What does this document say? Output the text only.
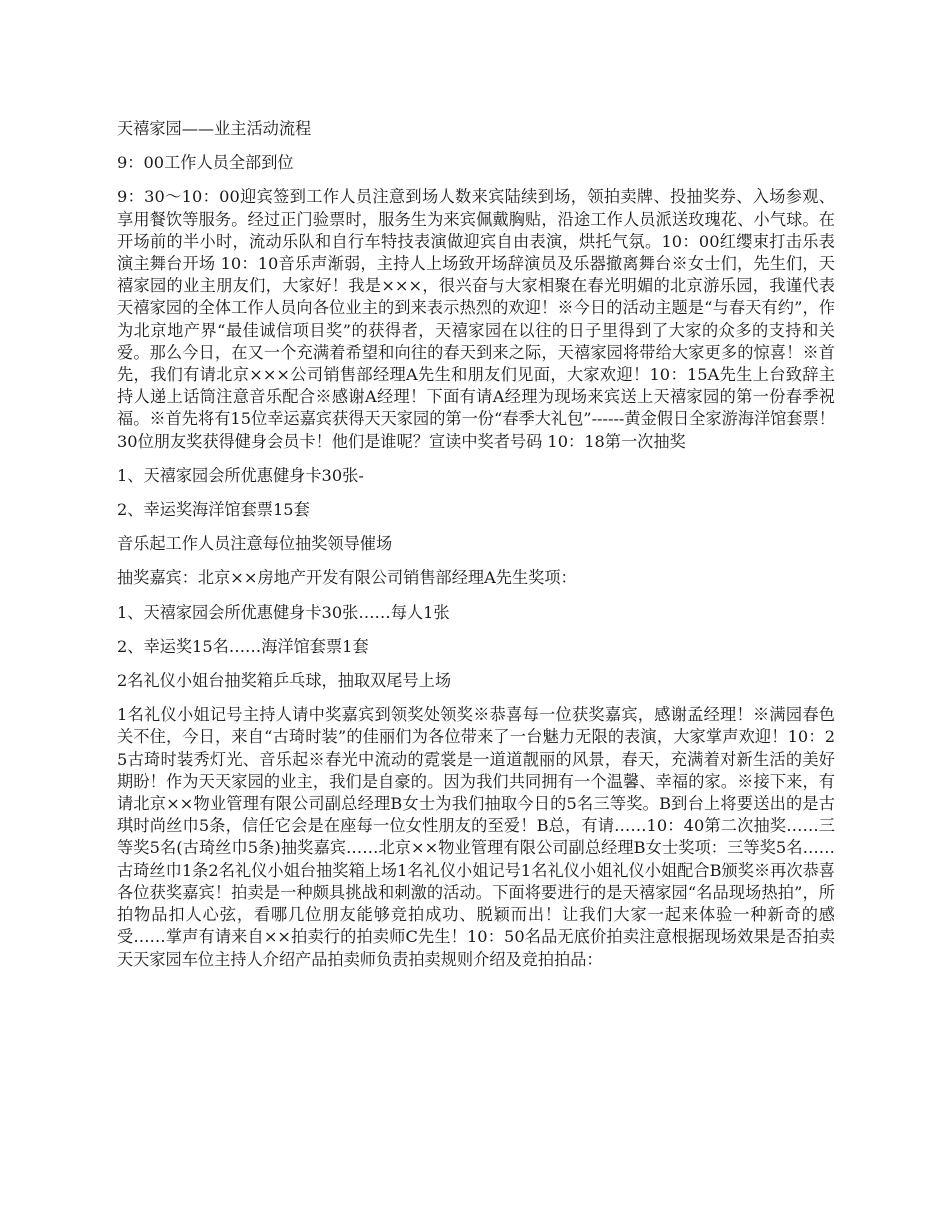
天禧家园——业主活动流程

9：00工作人员全部到位

9：30～10：00迎宾签到工作人员注意到场人数来宾陆续到场，领拍卖牌、投抽奖券、入场参观、享用餐饮等服务。经过正门验票时，服务生为来宾佩戴胸贴，沿途工作人员派送玫瑰花、小气球。在开场前的半小时，流动乐队和自行车特技表演做迎宾自由表演，烘托气氛。10：00红缨束打击乐表演主舞台开场 10：10音乐声渐弱，主持人上场致开场辞演员及乐器撤离舞台※女士们，先生们，天禧家园的业主朋友们，大家好！我是×××，很兴奋与大家相聚在春光明媚的北京游乐园，我谨代表天禧家园的全体工作人员向各位业主的到来表示热烈的欢迎！※今日的活动主题是“与春天有约”，作为北京地产界“最佳诚信项目奖”的获得者，天禧家园在以往的日子里得到了大家的众多的支持和关爱。那么今日，在又一个充满着希望和向往的春天到来之际，天禧家园将带给大家更多的惊喜！※首先，我们有请北京×××公司销售部经理A先生和朋友们见面，大家欢迎！10：15A先生上台致辞主持人递上话筒注意音乐配合※感谢A经理！下面有请A经理为现场来宾送上天禧家园的第一份春季祝福。※首先将有15位幸运嘉宾获得天天家园的第一份“春季大礼包”------黄金假日全家游海洋馆套票！30位朋友奖获得健身会员卡！他们是谁呢？宣读中奖者号码 10：18第一次抽奖

1、天禧家园会所优惠健身卡30张-

2、幸运奖海洋馆套票15套

音乐起工作人员注意每位抽奖领导催场

抽奖嘉宾：北京××房地产开发有限公司销售部经理A先生奖项：

1、天禧家园会所优惠健身卡30张……每人1张

2、幸运奖15名……海洋馆套票1套

2名礼仪小姐台抽奖箱乒乓球，抽取双尾号上场

1名礼仪小姐记号主持人请中奖嘉宾到领奖处领奖※恭喜每一位获奖嘉宾，感谢孟经理！※满园春色关不住，今日，来自“古琦时装”的佳丽们为各位带来了一台魅力无限的表演，大家掌声欢迎！10：25古琦时装秀灯光、音乐起※春光中流动的霓裳是一道道靓丽的风景，春天，充满着对新生活的美好期盼！作为天天家园的业主，我们是自豪的。因为我们共同拥有一个温馨、幸福的家。※接下来，有请北京××物业管理有限公司副总经理B女士为我们抽取今日的5名三等奖。B到台上将要送出的是古琪时尚丝巾5条，信任它会是在座每一位女性朋友的至爱！B总，有请……10：40第二次抽奖……三等奖5名(古琦丝巾5条)抽奖嘉宾……北京××物业管理有限公司副总经理B女士奖项：三等奖5名……古琦丝巾1条2名礼仪小姐台抽奖箱上场1名礼仪小姐记号1名礼仪小姐礼仪小姐配合B颁奖※再次恭喜各位获奖嘉宾！拍卖是一种颇具挑战和刺激的活动。下面将要进行的是天禧家园“名品现场热拍”，所拍物品扣人心弦，看哪几位朋友能够竞拍成功、脱颖而出！让我们大家一起来体验一种新奇的感受……掌声有请来自××拍卖行的拍卖师C先生！10：50名品无底价拍卖注意根据现场效果是否拍卖天天家园车位主持人介绍产品拍卖师负责拍卖规则介绍及竞拍拍品：
